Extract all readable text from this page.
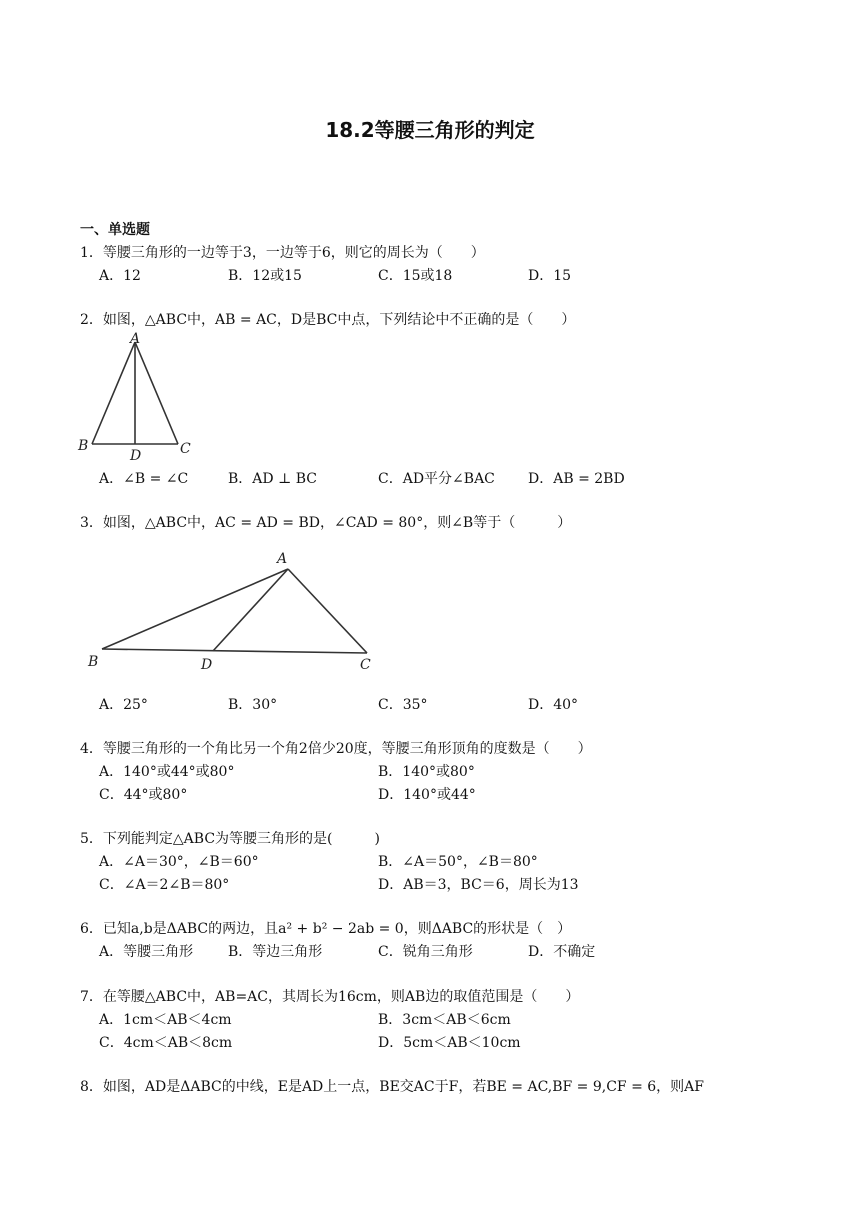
18.2等腰三角形的判定
一、单选题
1．等腰三角形的一边等于3，一边等于6，则它的周长为（　　）
A．12	B．12或15	C．15或18	D．15
2．如图，△ABC中，AB = AC，D是BC中点，下列结论中不正确的是（　　）
A
B	C
D
A．∠B = ∠C	B．AD ⊥ BC	C．AD平分∠BAC D．AB = 2BD
3．如图，△ABC中，AC = AD = BD，∠CAD = 80°，则∠B等于（　　　）
A
B	C
D
A．25°	B．30°	C．35°	D．40°
4．等腰三角形的一个角比另一个角2倍少20度，等腰三角形顶角的度数是（　　）
A．140°或44°或80°	B．140°或80°
C．44°或80°	D．140°或44°
5．下列能判定△ABC为等腰三角形的是(　　　)
A．∠A＝30°，∠B＝60°	B．∠A＝50°，∠B＝80°
C．∠A＝2∠B＝80°	D．AB＝3，BC＝6，周长为13
6．已知a,b是ΔABC的两边，且a² + b² − 2ab = 0，则ΔABC的形状是（　）
A．等腰三角形 B．等边三角形	C．锐角三角形	D．不确定
7．在等腰△ABC中，AB=AC，其周长为16cm，则AB边的取值范围是（　　）
A．1cm＜AB＜4cm	B．3cm＜AB＜6cm
C．4cm＜AB＜8cm	D．5cm＜AB＜10cm
8．如图，AD是ΔABC的中线，E是AD上一点，BE交AC于F，若BE = AC,BF = 9,CF = 6，则AF
